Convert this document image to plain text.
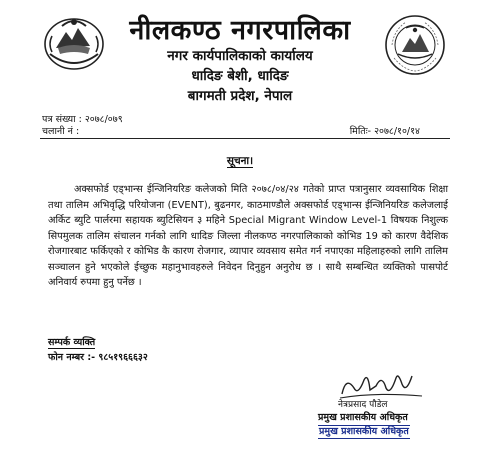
नीलकण्ठ नगरपालिका
नगर कार्यपालिकाको कार्यालय
धादिङ बेशी, धादिङ
बागमती प्रदेश, नेपाल
पत्र संख्या : २०७८/०७९
चलानी नं :	मितिः- २०७८/१०/१४
सूचना।
अक्सफोर्ड एड्भान्स ईन्जिनियरिङ कलेजको मिति २०७८/०४/२४ गतेको प्राप्त पत्रानुसार व्यवसायिक शिक्षा तथा तालिम अभिवृद्धि परियोजना (EVENT), बुढनगर, काठमाण्डौले अक्सफोर्ड एड्भान्स ईन्जिनियरिङ कलेजलाई अर्किट ब्युटि पार्लरमा सहायक ब्युटिसियन ३ महिने Special Migrant Window Level-1 विषयक निशुल्क सिपमुलक तालिम संचालन गर्नको लागि धादिङ जिल्ला नीलकण्ठ नगरपालिकाको कोभिड 19 को कारण वैदेशिक रोजगारबाट फर्किएको र कोभिड कै कारण रोजगार, व्यापार व्यवसाय समेत गर्न नपाएका महिलाहरुको लागि तालिम सञ्चालन हुने भएकोले ईच्छुक महानुभावहरुले निवेदन दिनुहुन अनुरोध छ । साथै सम्बन्धित व्यक्तिको पासपोर्ट अनिवार्य रुपमा हुनु पर्नेछ ।
सम्पर्क व्यक्ति
फोन नम्बर :- ९८५१९६६६३२
नेत्रप्रसाद पौडेल
प्रमुख प्रशासकीय अधिकृत
प्रमुख प्रशासकीय अधिकृत
